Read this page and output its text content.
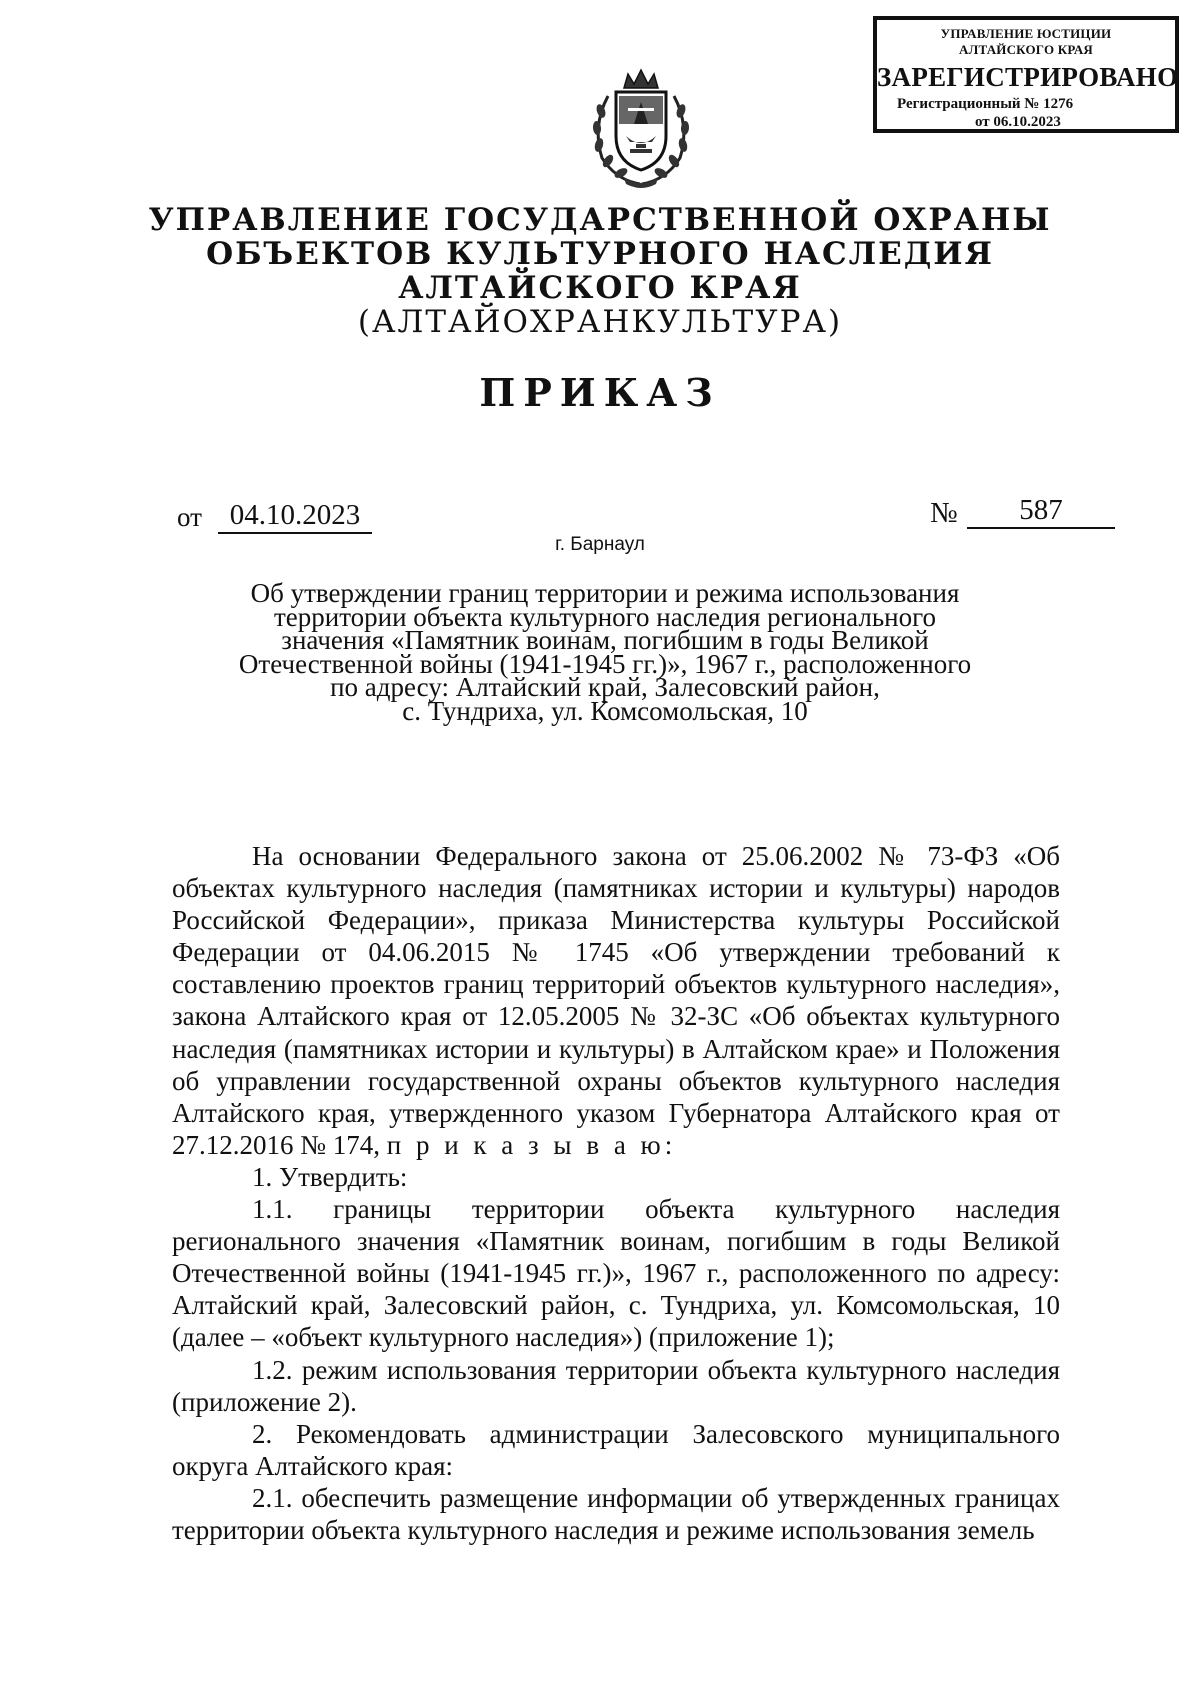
УПРАВЛЕНИЕ ЮСТИЦИИ
АЛТАЙСКОГО КРАЯ
ЗАРЕГИСТРИРОВАНО
Регистрационный № 1276
от 06.10.2023
УПРАВЛЕНИЕ ГОСУДАРСТВЕННОЙ ОХРАНЫ
ОБЪЕКТОВ КУЛЬТУРНОГО НАСЛЕДИЯ
АЛТАЙСКОГО КРАЯ
(АЛТАЙОХРАНКУЛЬТУРА)
ПРИКАЗ
от 04.10.2023	№	587
г. Барнаул
Об утверждении границ территории и режима использования
территории объекта культурного наследия регионального
значения «Памятник воинам, погибшим в годы Великой
Отечественной войны (1941-1945 гг.)», 1967 г., расположенного
по адресу: Алтайский край, Залесовский район,
с. Тундриха, ул. Комсомольская, 10

На основании Федерального закона от 25.06.2002 № 73-ФЗ «Об объектах культурного наследия (памятниках истории и культуры) народов Российской Федерации», приказа Министерства культуры Российской Федерации от 04.06.2015 № 1745 «Об утверждении требований к составлению проектов границ территорий объектов культурного наследия», закона Алтайского края от 12.05.2005 № 32-ЗС «Об объектах культурного наследия (памятниках истории и культуры) в Алтайском крае» и Положения об управлении государственной охраны объектов культурного наследия Алтайского края, утвержденного указом Губернатора Алтайского края от 27.12.2016 № 174, п р и к а з ы в а ю:

1. Утвердить:

1.1. границы территории объекта культурного наследия регионального значения «Памятник воинам, погибшим в годы Великой Отечественной войны (1941-1945 гг.)», 1967 г., расположенного по адресу: Алтайский край, Залесовский район, с. Тундриха, ул. Комсомольская, 10 (далее – «объект культурного наследия») (приложение 1);

1.2. режим использования территории объекта культурного наследия (приложение 2).

2. Рекомендовать администрации Залесовского муниципального округа Алтайского края:

2.1. обеспечить размещение информации об утвержденных границах территории объекта культурного наследия и режиме использования земель
